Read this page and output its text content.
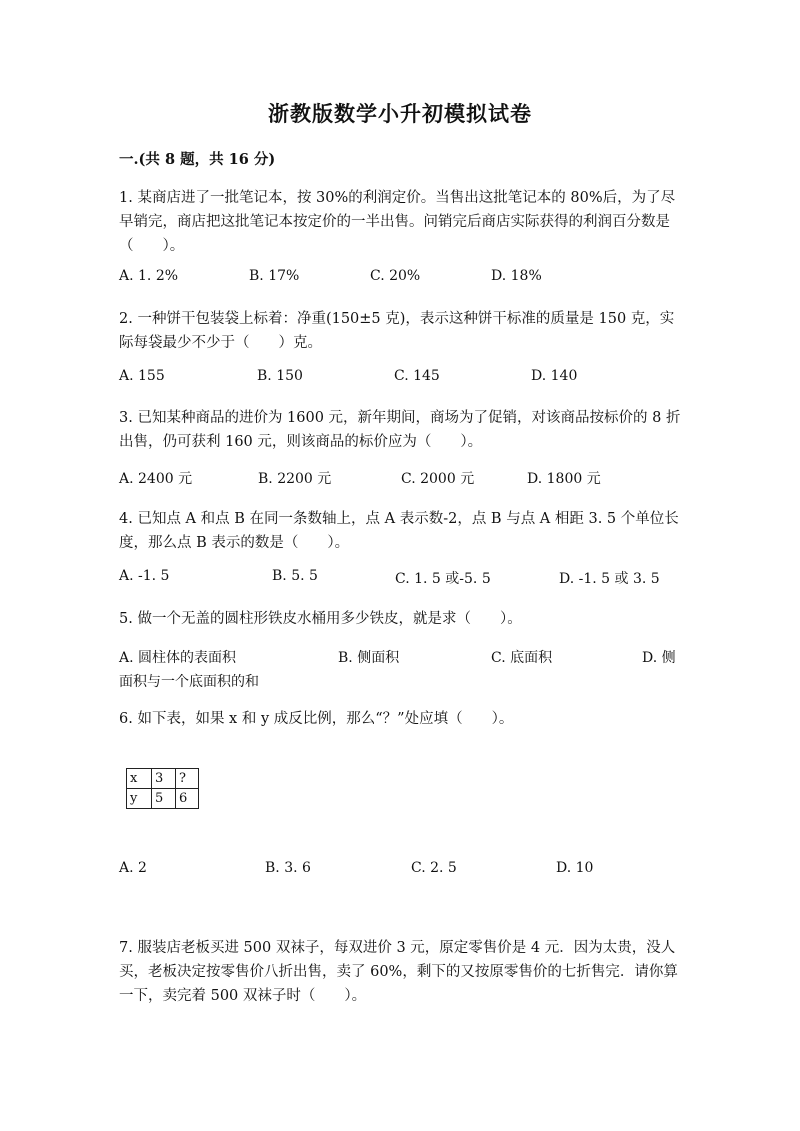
浙教版数学小升初模拟试卷
一.(共 8 题，共 16 分)
1. 某商店进了一批笔记本，按 30%的利润定价。当售出这批笔记本的 80%后，为了尽早销完，商店把这批笔记本按定价的一半出售。问销完后商店实际获得的利润百分数是（　　）。
A. 1. 2%	B. 17%	C. 20%	D. 18%
2. 一种饼干包装袋上标着：净重(150±5 克)，表示这种饼干标准的质量是 150 克，实际每袋最少不少于（　　）克。
A. 155	B. 150	C. 145	D. 140
3. 已知某种商品的进价为 1600 元，新年期间，商场为了促销，对该商品按标价的 8 折出售，仍可获利 160 元，则该商品的标价应为（　　）。
A. 2400 元	B. 2200 元	C. 2000 元	D. 1800 元
4. 已知点 A 和点 B 在同一条数轴上，点 A 表示数-2，点 B 与点 A 相距 3. 5 个单位长度，那么点 B 表示的数是（　　）。
A. -1. 5	B. 5. 5	C. 1. 5 或-5. 5	D. -1. 5 或 3. 5
5. 做一个无盖的圆柱形铁皮水桶用多少铁皮，就是求（　　）。
A. 圆柱体的表面积	B. 侧面积	C. 底面积	D. 侧
面积与一个底面积的和
6. 如下表，如果 x 和 y 成反比例，那么“？”处应填（　　）。
x	3	?
y	5	6
A. 2	B. 3. 6	C. 2. 5	D. 10
7. 服装店老板买进 500 双袜子，每双进价 3 元，原定零售价是 4 元．因为太贵，没人买，老板决定按零售价八折出售，卖了 60%，剩下的又按原零售价的七折售完．请你算一下，卖完着 500 双袜子时（　　）。
